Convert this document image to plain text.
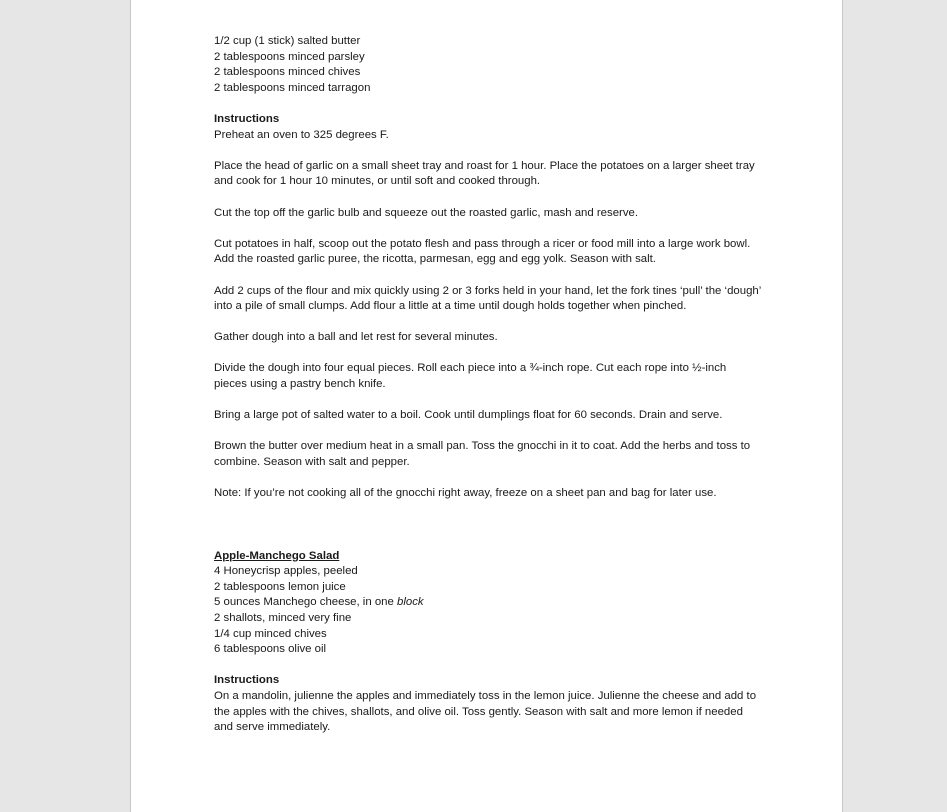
1/2 cup (1 stick) salted butter
2 tablespoons minced parsley
2 tablespoons minced chives
2 tablespoons minced tarragon
Instructions

Preheat an oven to 325 degrees F.

Place the head of garlic on a small sheet tray and roast for 1 hour. Place the potatoes on a larger sheet tray and cook for 1 hour 10 minutes, or until soft and cooked through.

Cut the top off the garlic bulb and squeeze out the roasted garlic, mash and reserve.

Cut potatoes in half, scoop out the potato flesh and pass through a ricer or food mill into a large work bowl. Add the roasted garlic puree, the ricotta, parmesan, egg and egg yolk. Season with salt.

Add 2 cups of the flour and mix quickly using 2 or 3 forks held in your hand, let the fork tines ‘pull’ the ‘dough’ into a pile of small clumps. Add flour a little at a time until dough holds together when pinched.

Gather dough into a ball and let rest for several minutes.

Divide the dough into four equal pieces. Roll each piece into a ¾-inch rope. Cut each rope into ½-inch pieces using a pastry bench knife.

Bring a large pot of salted water to a boil. Cook until dumplings float for 60 seconds. Drain and serve.

Brown the butter over medium heat in a small pan. Toss the gnocchi in it to coat. Add the herbs and toss to combine. Season with salt and pepper.

Note: If you’re not cooking all of the gnocchi right away, freeze on a sheet pan and bag for later use.

Apple-Manchego Salad
4 Honeycrisp apples, peeled
2 tablespoons lemon juice
5 ounces Manchego cheese, in one block
2 shallots, minced very fine
1/4 cup minced chives
6 tablespoons olive oil
Instructions

On a mandolin, julienne the apples and immediately toss in the lemon juice. Julienne the cheese and add to the apples with the chives, shallots, and olive oil. Toss gently. Season with salt and more lemon if needed and serve immediately.
